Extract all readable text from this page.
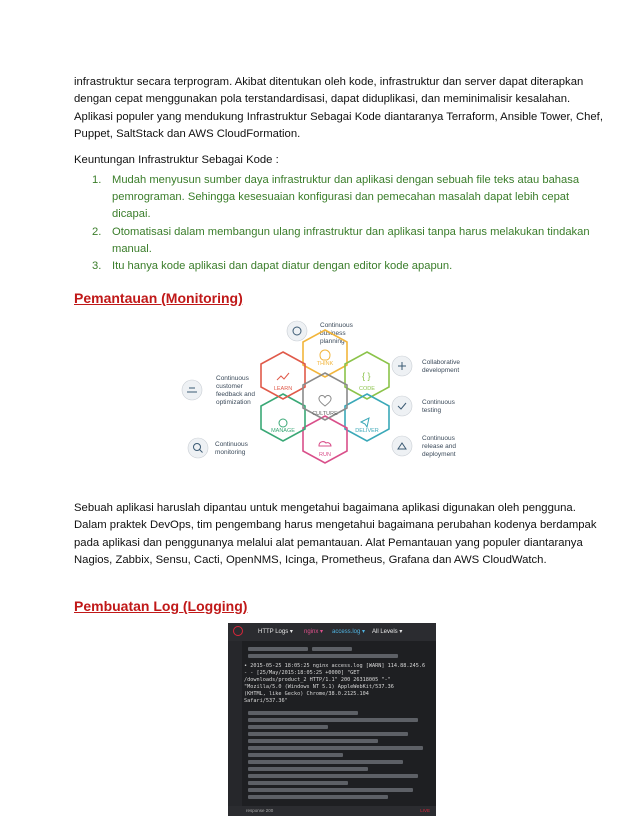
infrastruktur secara terprogram. Akibat ditentukan oleh kode, infrastruktur dan server dapat diterapkan
dengan cepat menggunakan pola terstandardisasi, dapat diduplikasi, dan meminimalisir kesalahan.
Aplikasi populer yang mendukung Infrastruktur Sebagai Kode diantaranya Terraform, Ansible Tower, Chef,
Puppet, SaltStack dan AWS CloudFormation.
Keuntungan Infrastruktur Sebagai Kode :
1. Mudah menyusun sumber daya infrastruktur dan aplikasi dengan sebuah file teks atau bahasa
pemrograman. Sehingga kesesuaian konfigurasi dan pemecahan masalah dapat lebih cepat
dicapai.
2. Otomatisasi dalam membangun ulang infrastruktur dan aplikasi tanpa harus melakukan tindakan
manual.
3. Itu hanya kode aplikasi dan dapat diatur dengan editor kode apapun.
Pemantauan (Monitoring)
Continuous
business
planning
Collaborative
development
Continuous
testing
Continuous
release and
deployment
Continuous
customer
feedback and
optimization
Continuous
monitoring
{ }
THINK
CODE
DELIVER
RUN
MANAGE
LEARN
CULTURE
Sebuah aplikasi haruslah dipantau untuk mengetahui bagaimana aplikasi digunakan oleh pengguna.
Dalam praktek DevOps, tim pengembang harus mengetahui bagaimana perubahan kodenya berdampak
pada aplikasi dan penggunanya melalui alat pemantauan. Alat Pemantauan yang populer diantaranya
Nagios, Zabbix, Sensu, Cacti, OpenNMS, Icinga, Prometheus, Grafana dan AWS CloudWatch.
Pembuatan Log (Logging)
HTTP Logs ▾ nginx ▾ access.log ▾ All Levels ▾
• 2015-05-25 18:05:25 nginx access.log [WARN] 114.88.245.6
- - [25/May/2015:18:05:25 +0000] "GET
/downloads/product_2 HTTP/1.1" 200 26318005 "-"
"Mozilla/5.0 (Windows NT 5.1) AppleWebKit/537.36
(KHTML, like Gecko) Chrome/38.0.2125.104
Safari/537.36"
response 200	LIVE
